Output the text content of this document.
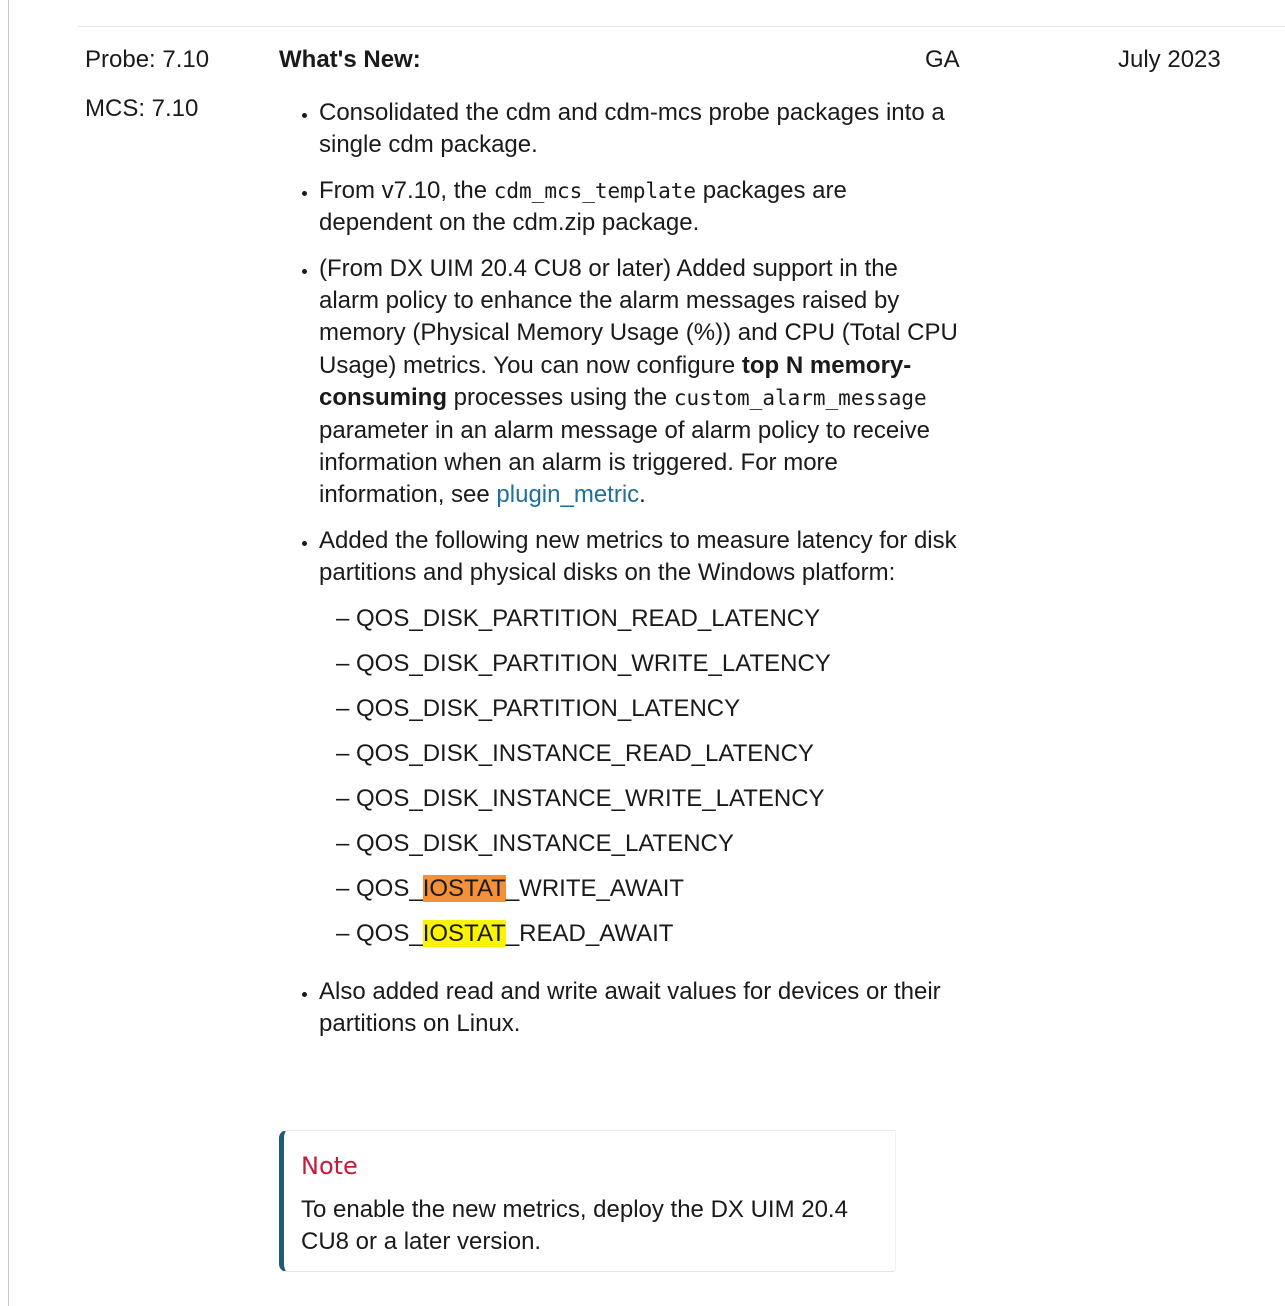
Probe: 7.10
MCS: 7.10
What's New:	GA	July 2023
• Consolidated the cdm and cdm-mcs probe packages into a single cdm package.
• From v7.10, the cdm_mcs_template packages are dependent on the cdm.zip package.
• (From DX UIM 20.4 CU8 or later) Added support in the alarm policy to enhance the alarm messages raised by memory (Physical Memory Usage (%)) and CPU (Total CPU Usage) metrics. You can now configure top N memory-consuming processes using the custom_alarm_message parameter in an alarm message of alarm policy to receive information when an alarm is triggered. For more information, see plugin_metric.
• Added the following new metrics to measure latency for disk partitions and physical disks on the Windows platform:
– QOS_DISK_PARTITION_READ_LATENCY
– QOS_DISK_PARTITION_WRITE_LATENCY
– QOS_DISK_PARTITION_LATENCY
– QOS_DISK_INSTANCE_READ_LATENCY
– QOS_DISK_INSTANCE_WRITE_LATENCY
– QOS_DISK_INSTANCE_LATENCY
– QOS_IOSTAT_WRITE_AWAIT
– QOS_IOSTAT_READ_AWAIT
• Also added read and write await values for devices or their partitions on Linux.
Note
To enable the new metrics, deploy the DX UIM 20.4 CU8 or a later version.
